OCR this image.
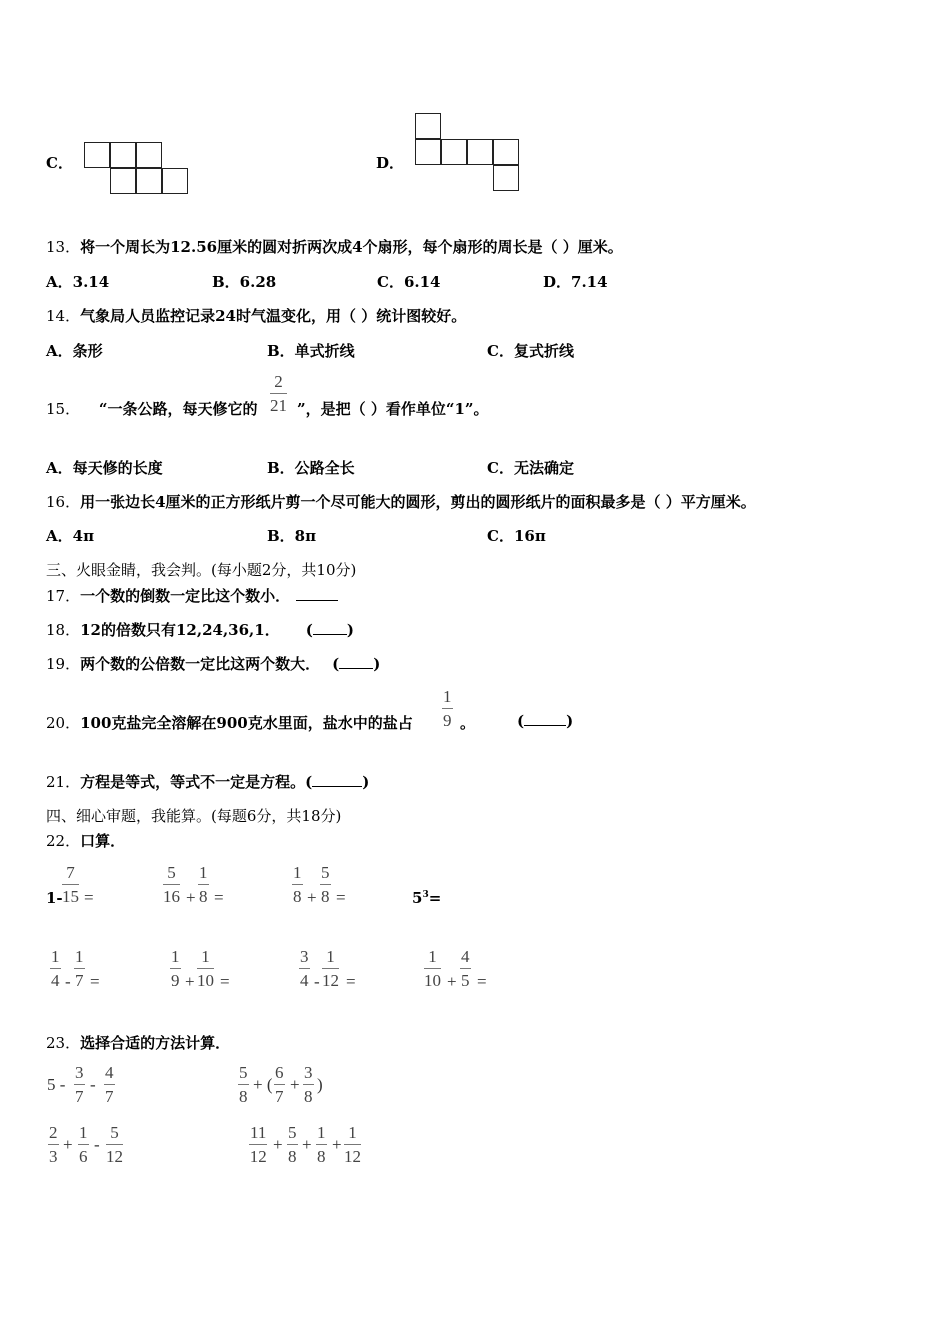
C．	D．
13．将一个周长为12.56厘米的圆对折两次成4个扇形，每个扇形的周长是（ ）厘米。
A．3.14	B．6.28	C．6.14	D．7.14
14．气象局人员监控记录24时气温变化，用（ ）统计图较好。
A．条形	B．单式折线	C．复式折线
15． “一条公路，每天修它的 $\frac{2}{21}$ ”，是把（ ）看作单位“1”。
A．每天修的长度	B．公路全长	C．无法确定
16．用一张边长4厘米的正方形纸片剪一个尽可能大的圆形，剪出的圆形纸片的面积最多是（ ）平方厘米。
A．4π	B．8π	C．16π
三、火眼金睛，我会判。(每小题2分，共10分)
17．一个数的倒数一定比这个数小．
18．12的倍数只有12,24,36,1． ( )
19．两个数的公倍数一定比这两个数大． ( )
20．100克盐完全溶解在900克水里面，盐水中的盐占 $\frac{1}{9}$ 。	(	)
21．方程是等式，等式不一定是方程。(	)
四、细心审题，我能算。(每题6分，共18分)
22．口算．
$1- \frac{7}{15}$ =	$\frac{5}{16} + \frac{1}{8}$ =	$\frac{1}{8} + \frac{5}{8}$ =	$5^3=$
$\frac{1}{4} - \frac{1}{7}$ =	$\frac{1}{9} + \frac{1}{10}$ =	$\frac{3}{4} - \frac{1}{12}$ =	$\frac{1}{10} + \frac{4}{5}$ =
23．选择合适的方法计算．
$5 - \frac{3}{7} - \frac{4}{7}$	$\frac{5}{8}$ + ( $\frac{6}{7} + \frac{3}{8}$ )
$\frac{2}{3} + \frac{1}{6} - \frac{5}{12}$	$\frac{11}{12} + \frac{5}{8} + \frac{1}{8} + \frac{1}{12}$
